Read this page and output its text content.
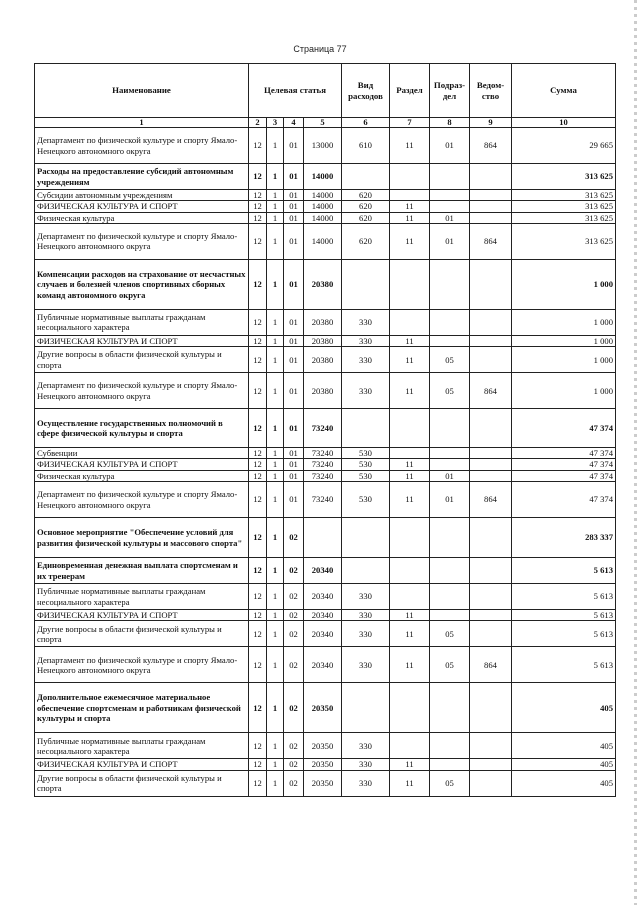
Страница 77
Наименование	Целевая статья				Вид расходов	Раздел	Подраз-дел	Ведом-ство	Сумма
1	2	3	4	5	6	7	8	9	10
Департамент по физической культуре и спорту Ямало-Ненецкого автономного округа	12	1	01	13000	610	11	01	864	29 665
Расходы на предоставление субсидий автономным учреждениям	12	1	01	14000					313 625
Субсидии автономным учреждениям	12	1	01	14000	620				313 625
ФИЗИЧЕСКАЯ КУЛЬТУРА И СПОРТ	12	1	01	14000	620	11			313 625
Физическая культура	12	1	01	14000	620	11	01		313 625
Департамент по физической культуре и спорту Ямало-Ненецкого автономного округа	12	1	01	14000	620	11	01	864	313 625
Компенсации расходов на страхование от несчастных случаев и болезней членов спортивных сборных команд автономного округа	12	1	01	20380					1 000
Публичные нормативные выплаты гражданам несоциального характера	12	1	01	20380	330				1 000
ФИЗИЧЕСКАЯ КУЛЬТУРА И СПОРТ	12	1	01	20380	330	11			1 000
Другие вопросы в области физической культуры и спорта	12	1	01	20380	330	11	05		1 000
Департамент по физической культуре и спорту Ямало-Ненецкого автономного округа	12	1	01	20380	330	11	05	864	1 000
Осуществление государственных полномочий в сфере физической культуры и спорта	12	1	01	73240					47 374
Субвенции	12	1	01	73240	530				47 374
ФИЗИЧЕСКАЯ КУЛЬТУРА И СПОРТ	12	1	01	73240	530	11			47 374
Физическая культура	12	1	01	73240	530	11	01		47 374
Департамент по физической культуре и спорту Ямало-Ненецкого автономного округа	12	1	01	73240	530	11	01	864	47 374
Основное мероприятие "Обеспечение условий для развития физической культуры и массового спорта"	12	1	02						283 337
Единовременная денежная выплата спортсменам и их тренерам	12	1	02	20340					5 613
Публичные нормативные выплаты гражданам несоциального характера	12	1	02	20340	330				5 613
ФИЗИЧЕСКАЯ КУЛЬТУРА И СПОРТ	12	1	02	20340	330	11			5 613
Другие вопросы в области физической культуры и спорта	12	1	02	20340	330	11	05		5 613
Департамент по физической культуре и спорту Ямало-Ненецкого автономного округа	12	1	02	20340	330	11	05	864	5 613
Дополнительное ежемесячное материальное обеспечение спортсменам и работникам физической культуры и спорта	12	1	02	20350					405
Публичные нормативные выплаты гражданам несоциального характера	12	1	02	20350	330				405
ФИЗИЧЕСКАЯ КУЛЬТУРА И СПОРТ	12	1	02	20350	330	11			405
Другие вопросы в области физической культуры и спорта	12	1	02	20350	330	11	05		405
